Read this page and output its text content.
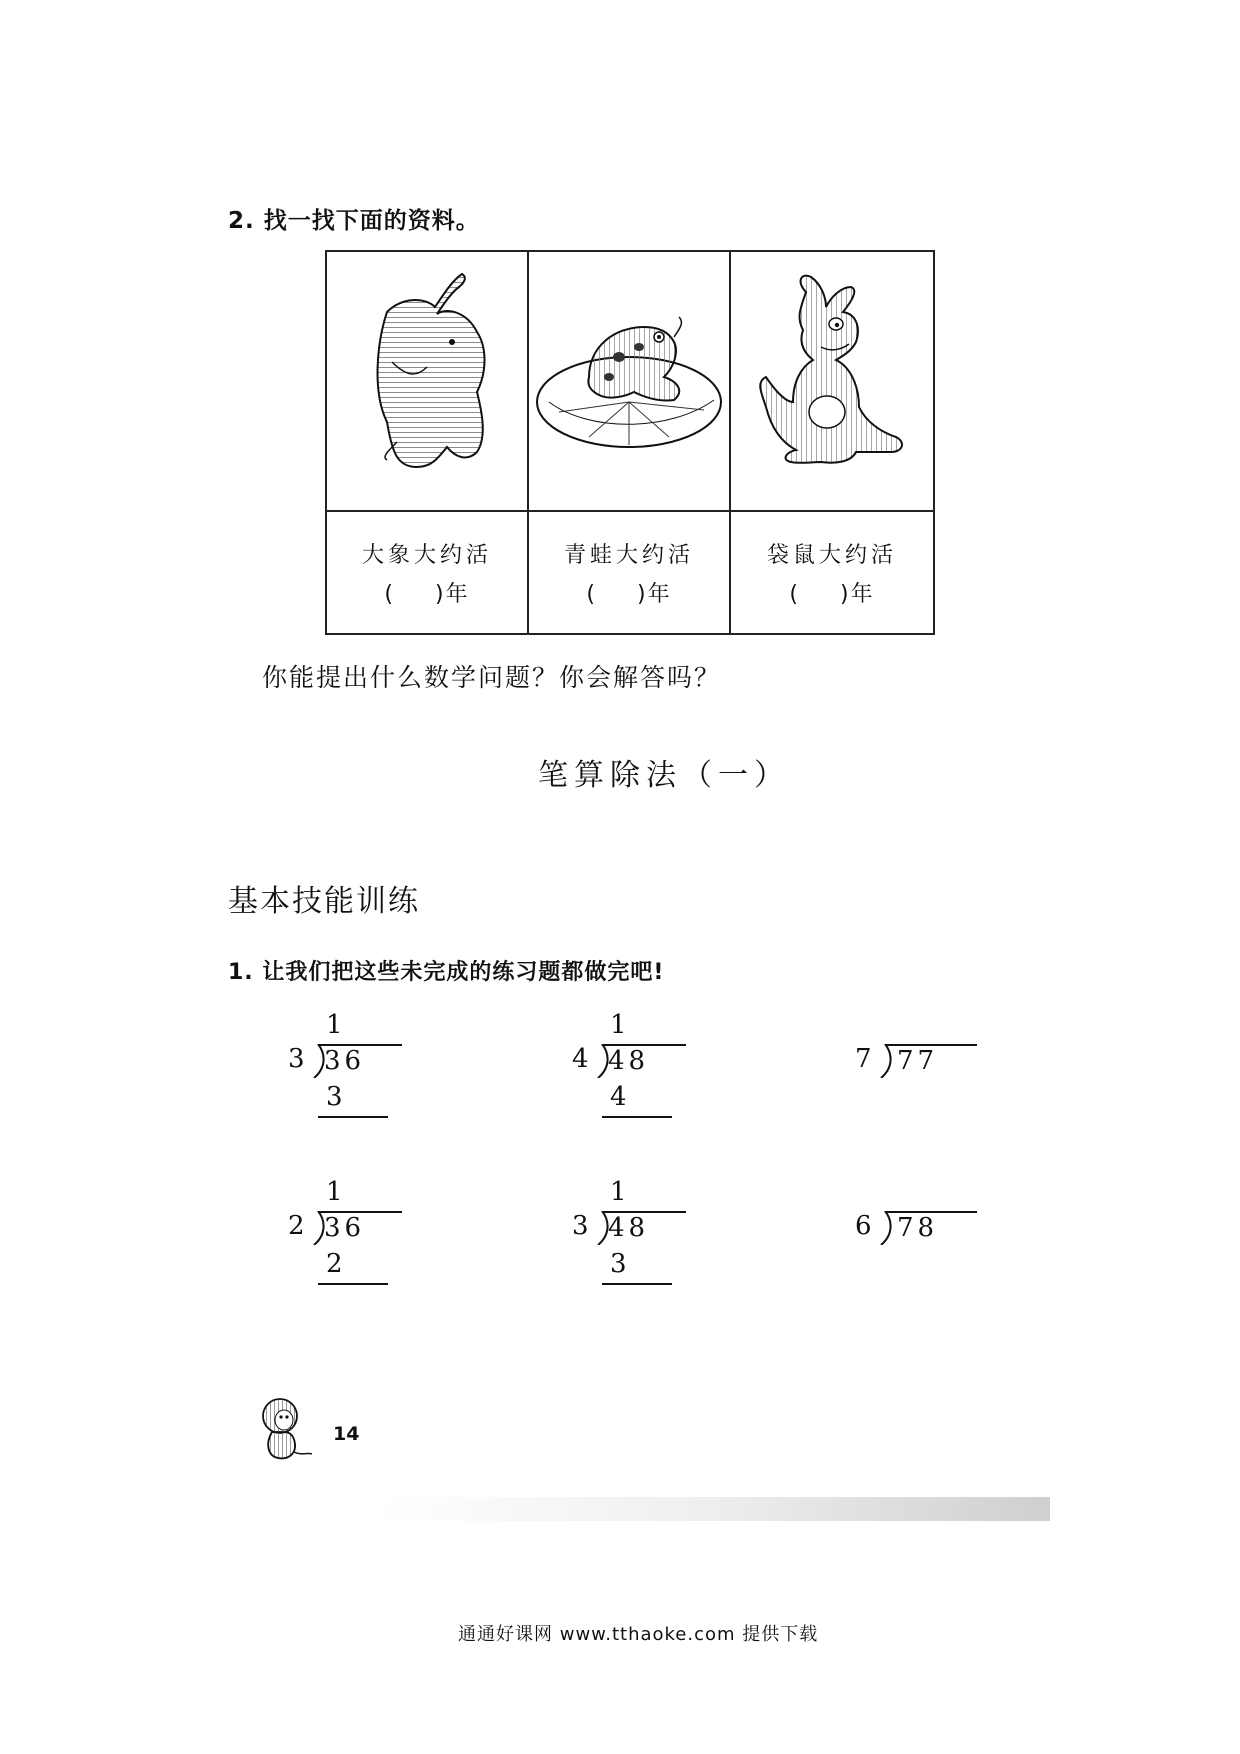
2. 找一找下面的资料。
大象大约活
( )年
青蛙大约活
( )年
袋鼠大约活
( )年
你能提出什么数学问题？你会解答吗？
笔算除法（一）
基本技能训练
1. 让我们把这些未完成的练习题都做完吧!
1
3 36
3
1
4 48
4
7 77
1
2 36
2
1
3 48
3
6 78
14
通通好课网 www.tthaoke.com 提供下载
